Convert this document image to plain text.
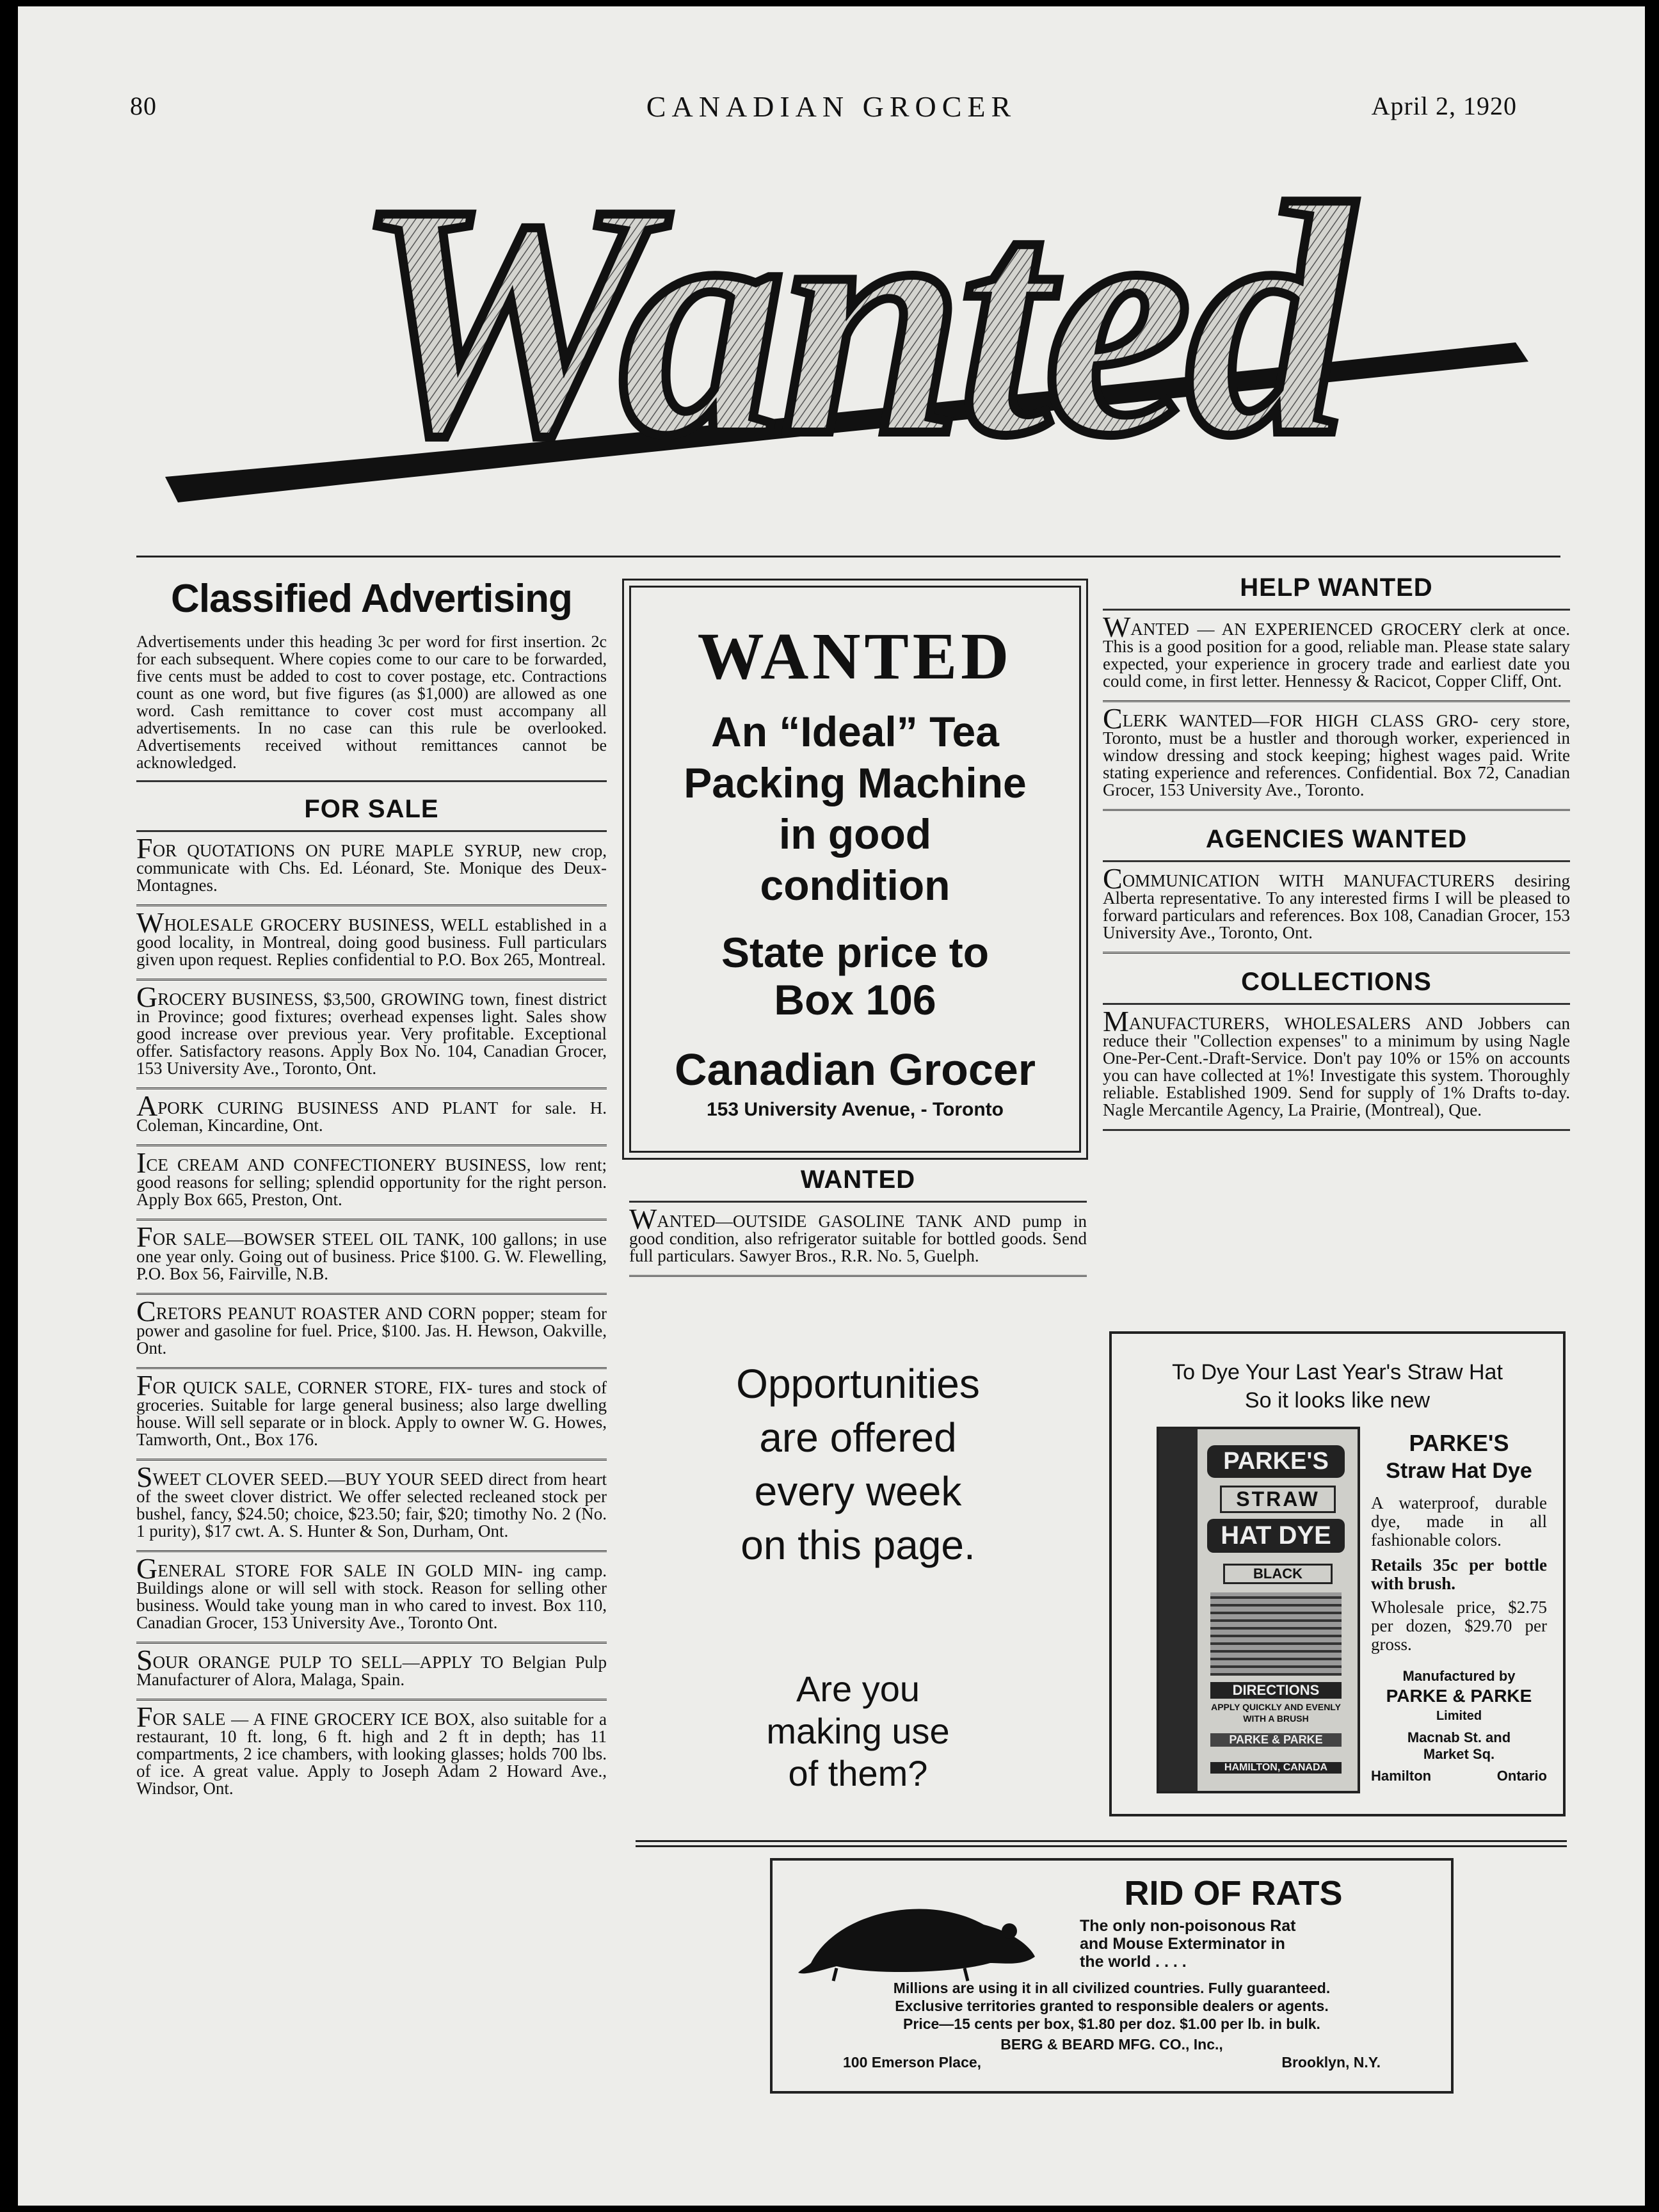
80	CANADIAN GROCER	April 2, 1920
Wanted
Classified Advertising
Advertisements under this heading 3c per word for first insertion. 2c for each subsequent. Where copies come to our care to be forwarded, five cents must be added to cost to cover postage, etc. Contractions count as one word, but five figures (as $1,000) are allowed as one word. Cash remittance to cover cost must accompany all advertisements. In no case can this rule be overlooked. Advertisements received without remittances cannot be acknowledged.
FOR SALE
FOR QUOTATIONS ON PURE MAPLE SYRUP, new crop, communicate with Chs. Ed. Léonard, Ste. Monique des Deux-Montagnes.
WHOLESALE GROCERY BUSINESS, WELL established in a good locality, in Montreal, doing good business. Full particulars given upon request. Replies confidential to P.O. Box 265, Montreal.
GROCERY BUSINESS, $3,500, GROWING town, finest district in Province; good fixtures; overhead expenses light. Sales show good increase over previous year. Very profitable. Exceptional offer. Satisfactory reasons. Apply Box No. 104, Canadian Grocer, 153 University Ave., Toronto, Ont.
APORK CURING BUSINESS AND PLANT for sale. H. Coleman, Kincardine, Ont.
ICE CREAM AND CONFECTIONERY BUSINESS, low rent; good reasons for selling; splendid opportunity for the right person. Apply Box 665, Preston, Ont.
FOR SALE—BOWSER STEEL OIL TANK, 100 gallons; in use one year only. Going out of business. Price $100. G. W. Flewelling, P.O. Box 56, Fairville, N.B.
CRETORS PEANUT ROASTER AND CORN popper; steam for power and gasoline for fuel. Price, $100. Jas. H. Hewson, Oakville, Ont.
FOR QUICK SALE, CORNER STORE, FIX- tures and stock of groceries. Suitable for large general business; also large dwelling house. Will sell separate or in block. Apply to owner W. G. Howes, Tamworth, Ont., Box 176.
SWEET CLOVER SEED.—BUY YOUR SEED direct from heart of the sweet clover district. We offer selected recleaned stock per bushel, fancy, $24.50; choice, $23.50; fair, $20; timothy No. 2 (No. 1 purity), $17 cwt. A. S. Hunter & Son, Durham, Ont.
GENERAL STORE FOR SALE IN GOLD MIN- ing camp. Buildings alone or will sell with stock. Reason for selling other business. Would take young man in who cared to invest. Box 110, Canadian Grocer, 153 University Ave., Toronto Ont.
SOUR ORANGE PULP TO SELL—APPLY TO Belgian Pulp Manufacturer of Alora, Malaga, Spain.
FOR SALE — A FINE GROCERY ICE BOX, also suitable for a restaurant, 10 ft. long, 6 ft. high and 2 ft in depth; has 11 compartments, 2 ice chambers, with looking glasses; holds 700 lbs. of ice. A great value. Apply to Joseph Adam 2 Howard Ave., Windsor, Ont.
WANTED
An “Ideal” Tea
Packing Machine
in good
condition
State price to
Box 106
Canadian Grocer
153 University Avenue, - Toronto
WANTED
WANTED—OUTSIDE GASOLINE TANK AND pump in good condition, also refrigerator suitable for bottled goods. Send full particulars. Sawyer Bros., R.R. No. 5, Guelph.
Opportunities
are offered
every week
on this page.
Are you
making use
of them?
HELP WANTED
WANTED — AN EXPERIENCED GROCERY clerk at once. This is a good position for a good, reliable man. Please state salary expected, your experience in grocery trade and earliest date you could come, in first letter. Hennessy & Racicot, Copper Cliff, Ont.
CLERK WANTED—FOR HIGH CLASS GRO- cery store, Toronto, must be a hustler and thorough worker, experienced in window dressing and stock keeping; highest wages paid. Write stating experience and references. Confidential. Box 72, Canadian Grocer, 153 University Ave., Toronto.
AGENCIES WANTED
COMMUNICATION WITH MANUFACTURERS desiring Alberta representative. To any interested firms I will be pleased to forward particulars and references. Box 108, Canadian Grocer, 153 University Ave., Toronto, Ont.
COLLECTIONS
MANUFACTURERS, WHOLESALERS AND Jobbers can reduce their "Collection expenses" to a minimum by using Nagle One-Per-Cent.-Draft-Service. Don't pay 10% or 15% on accounts you can have collected at 1%! Investigate this system. Thoroughly reliable. Established 1909. Send for supply of 1% Drafts to-day. Nagle Mercantile Agency, La Prairie, (Montreal), Que.
To Dye Your Last Year's Straw Hat
So it looks like new
PARKE'S
STRAW
HAT DYE
BLACK
DIRECTIONS
APPLY QUICKLY AND EVENLY WITH A BRUSH
PARKE & PARKE
HAMILTON, CANADA
PARKE'S
Straw Hat Dye
A waterproof, durable dye, made in all fashionable colors.
Retails 35c per bottle with brush.
Wholesale price, $2.75 per dozen, $29.70 per gross.
Manufactured by
PARKE & PARKE
Limited
Macnab St. and
Market Sq.
Hamilton	Ontario
RID OF RATS
The only non-poisonous Rat
and Mouse Exterminator in
the world . . . .
Millions are using it in all civilized countries. Fully guaranteed.
Exclusive territories granted to responsible dealers or agents.
Price—15 cents per box, $1.80 per doz. $1.00 per lb. in bulk.
BERG & BEARD MFG. CO., Inc.,
100 Emerson Place,	Brooklyn, N.Y.
